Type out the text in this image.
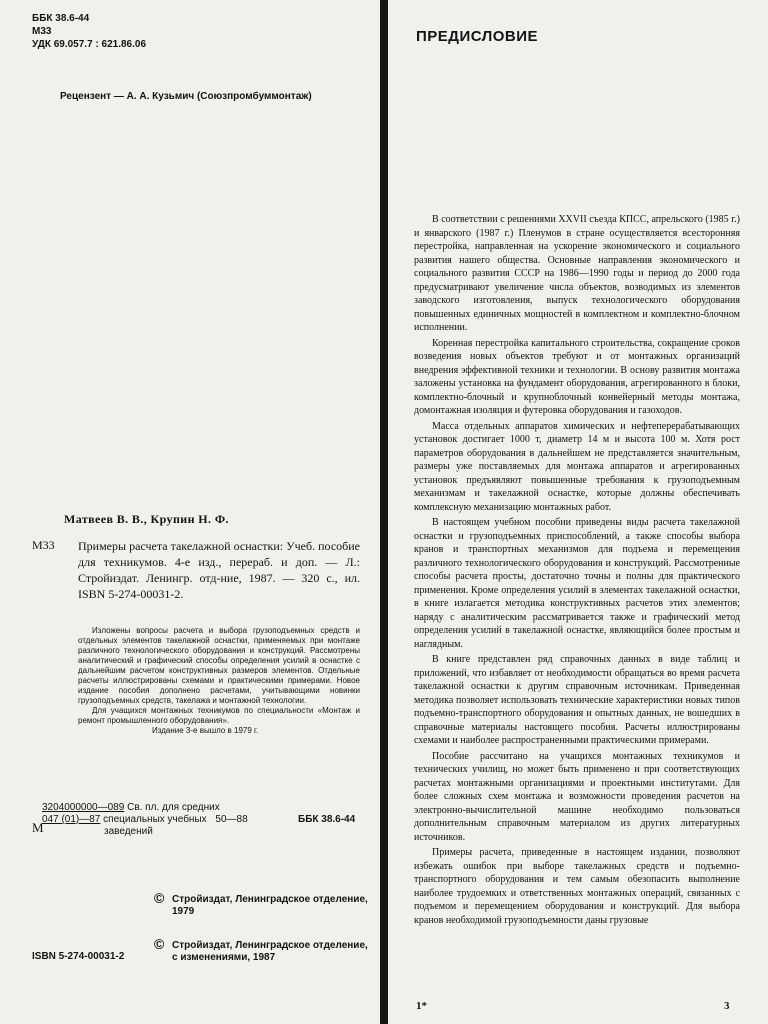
ББК 38.6-44
М33
УДК 69.057.7 : 621.86.06
Рецензент — А. А. Кузьмич (Союзпромбуммонтаж)
Матвеев В. В., Крупин Н. Ф.
М33 Примеры расчета такелажной оснастки: Учеб. пособие для техникумов. 4-е изд., перераб. и доп. — Л.: Стройиздат. Ленингр. отд-ние, 1987. — 320 с., ил. ISBN 5-274-00031-2.

Изложены вопросы расчета и выбора грузоподъемных средств и отдельных элементов такелажной оснастки, применяемых при монтаже различного технологического оборудования и конструкций. Рассмотрены аналитический и графический способы определения усилий в оснастке с дальнейшим расчетом конструктивных размеров элементов. Отдельные расчеты иллюстрированы схемами и практическими примерами. Новое издание пособия дополнено расчетами, учитывающими новинки грузоподъемных средств, такелажа и монтажной технологии.

Для учащихся монтажных техникумов по специальности «Монтаж и ремонт промышленного оборудования».

Издание 3-е вышло в 1979 г.

М
3204000000—089 Св. пл. для средних
047 (01)—87 специальных учебных 50—88
заведений
ББК 38.6-44
© Стройиздат, Ленинградское отделение, 1979
© Стройиздат, Ленинградское отделение, с изменениями, 1987
ISBN 5-274-00031-2
ПРЕДИСЛОВИЕ

В соответствии с решениями XXVII съезда КПСС, апрельского (1985 г.) и январского (1987 г.) Пленумов в стране осуществляется всесторонняя перестройка, направленная на ускорение экономического и социального развития нашего общества. Основные направления экономического и социального развития СССР на 1986—1990 годы и период до 2000 года предусматривают увеличение числа объектов, возводимых из элементов заводского изготовления, выпуск технологического оборудования повышенных единичных мощностей в комплектном и комплектно-блочном исполнении.

Коренная перестройка капитального строительства, сокращение сроков возведения новых объектов требуют и от монтажных организаций внедрения эффективной техники и технологии. В основу развития монтажа заложены установка на фундамент оборудования, агрегированного в блоки, комплектно-блочный и крупноблочный конвейерный методы монтажа, домонтажная изоляция и футеровка оборудования и газоходов.

Масса отдельных аппаратов химических и нефтеперерабатывающих установок достигает 1000 т, диаметр 14 м и высота 100 м. Хотя рост параметров оборудования в дальнейшем не представляется значительным, размеры уже поставляемых для монтажа аппаратов и агрегированных установок предъявляют повышенные требования к грузоподъемным механизмам и такелажной оснастке, которые должны обеспечивать комплексную механизацию монтажных работ.

В настоящем учебном пособии приведены виды расчета такелажной оснастки и грузоподъемных приспособлений, а также способы выбора кранов и транспортных механизмов для подъема и перемещения различного технологического оборудования и конструкций. Рассмотренные способы расчета просты, достаточно точны и полны для практического применения. Кроме определения усилий в элементах такелажной оснастки, в книге излагается методика конструктивных расчетов этих элементов; наряду с аналитическим рассматривается также и графический метод определения усилий в такелажной оснастке, являющийся более простым и наглядным.

В книге представлен ряд справочных данных в виде таблиц и приложений, что избавляет от необходимости обращаться во время расчета такелажной оснастки к другим справочным источникам. Приведенная методика позволяет использовать технические характеристики новых типов подъемно-транспортного оборудования и опытных данных, не вошедших в справочные материалы настоящего пособия. Расчеты иллюстрированы схемами и наиболее распространенными практическими примерами.

Пособие рассчитано на учащихся монтажных техникумов и технических училищ, но может быть применено и при соответствующих расчетах монтажными организациями и проектными институтами. Для более сложных схем монтажа и возможности проведения расчетов на электронно-вычислительной машине необходимо пользоваться дополнительным справочным материалом из других литературных источников.

Примеры расчета, приведенные в настоящем издании, позволяют избежать ошибок при выборе такелажных средств и подъемно-транспортного оборудования и тем самым обезопасить выполнение наиболее трудоемких и ответственных монтажных операций, связанных с подъемом и перемещением оборудования и конструкций. Для выбора кранов необходимой грузоподъемности даны грузовые

1*	3
